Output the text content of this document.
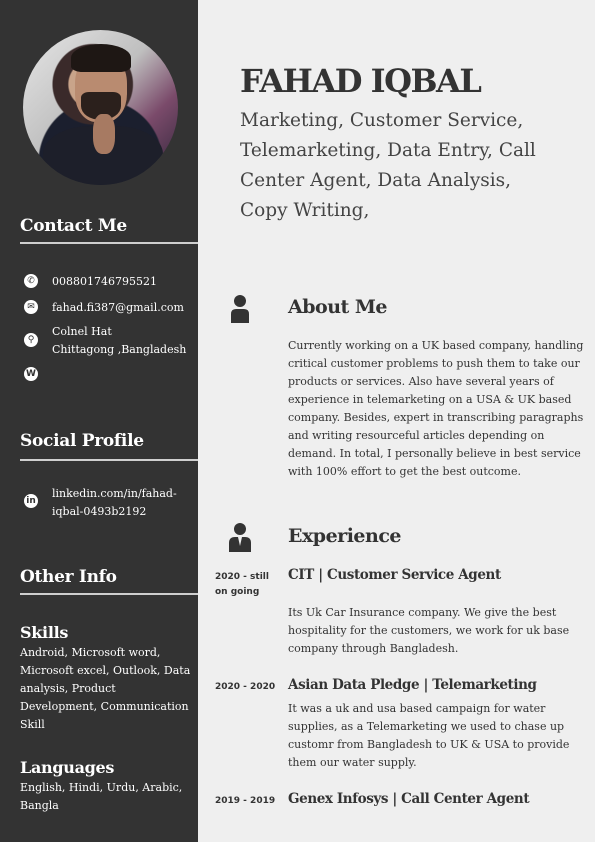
Contact Me
✆ 008801746795521
✉ fahad.fi387@gmail.com
⚲
Colnel Hat
Chittagong ,Bangladesh
W
Social Profile
in
linkedin.com/in/fahad-iqbal-0493b2192
Other Info
Skills
Android, Microsoft word, Microsoft excel, Outlook, Data analysis, Product Development, Communication Skill
Languages
English, Hindi, Urdu, Arabic, Bangla
FAHAD IQBAL
Marketing, Customer Service, Telemarketing, Data Entry, Call Center Agent, Data Analysis, Copy Writing,
About Me
Currently working on a UK based company, handling critical customer problems to push them to take our products or services. Also have several years of experience in telemarketing on a USA & UK based company. Besides, expert in transcribing paragraphs and writing resourceful articles depending on demand. In total, I personally believe in best service with 100% effort to get the best outcome.
Experience
2020 - still on going
CIT | Customer Service Agent
Its Uk Car Insurance company. We give the best hospitality for the customers, we work for uk base company through Bangladesh.
2020 - 2020 Asian Data Pledge | Telemarketing
It was a uk and usa based campaign for water supplies, as a Telemarketing we used to chase up customr from Bangladesh to UK & USA to provide them our water supply.
2019 - 2019 Genex Infosys | Call Center Agent
